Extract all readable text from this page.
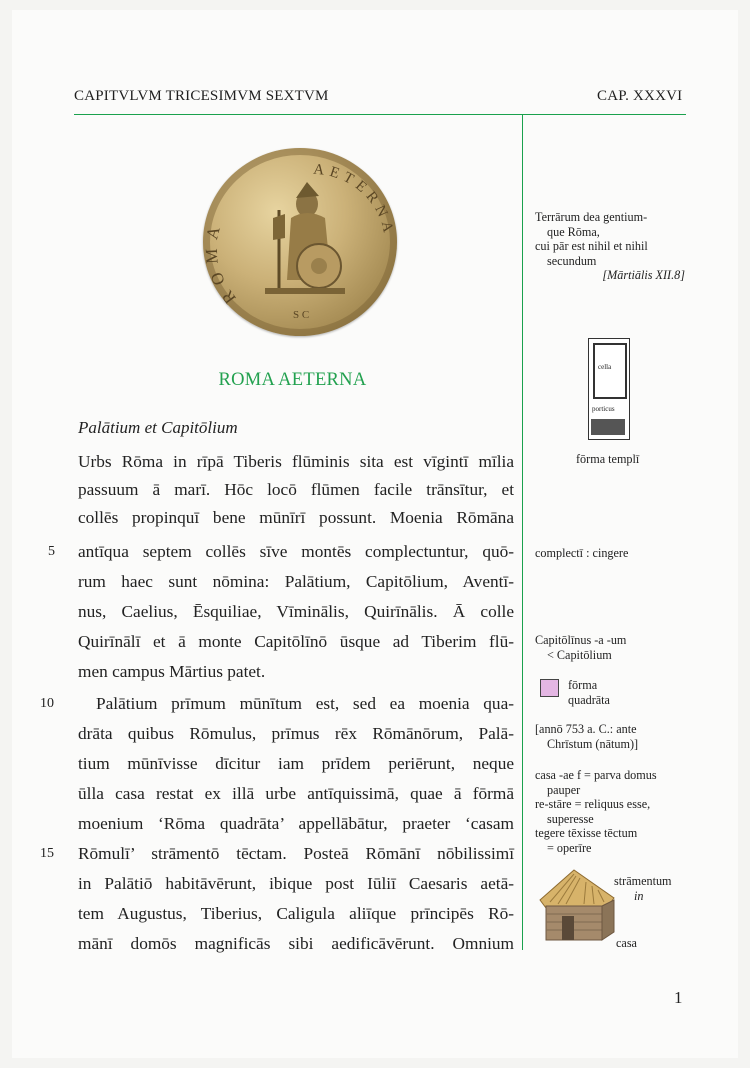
CAPITVLVM TRICESIMVM SEXTVM	CAP. XXXVI
ROMA
AETERNA
S C
ROMA AETERNA
Palātium et Capitōlium
Urbs Rōma in rīpā Tiberis flūminis sita est vīgintī mīlia
passuum ā marī. Hōc locō flūmen facile trānsītur, et
collēs propinquī bene mūnīrī possunt. Moenia Rōmāna
antīqua septem collēs sīve montēs complectuntur, quō-
rum haec sunt nōmina: Palātium, Capitōlium, Aventī-
nus, Caelius, Ēsquiliae, Vīminālis, Quirīnālis. Ā colle
Quirīnālī et ā monte Capitōlīnō ūsque ad Tiberim flū-
men campus Mārtius patet.
Palātium prīmum mūnītum est, sed ea moenia qua-
drāta quibus Rōmulus, prīmus rēx Rōmānōrum, Palā-
tium mūnīvisse dīcitur iam prīdem periērunt, neque
ūlla casa restat ex illā urbe antīquissimā, quae ā fōrmā
moenium ‘Rōma quadrāta’ appellābātur, praeter ‘casam
Rōmulī’ strāmentō tēctam. Posteā Rōmānī nōbilissimī
in Palātiō habitāvērunt, ibique post Iūliī Caesaris aetā-
tem Augustus, Tiberius, Caligula aliīque prīncipēs Rō-
mānī domōs magnificās sibi aedificāvērunt. Omnium
5
10
15
Terrārum dea gentium-
que Rōma,
cui pār est nihil et nihil
secundum
[Mārtiālis XII.8]
cella
porticus
fōrma templī
complectī : cingere
Capitōlīnus -a -um
< Capitōlium
fōrma
quadrāta
[annō 753 a. C.: ante
Chrīstum (nātum)]
casa -ae f = parva domus
pauper
re-stāre = reliquus esse,
superesse
tegere tēxisse tēctum
= operīre
strāmentum
in
casa
1
